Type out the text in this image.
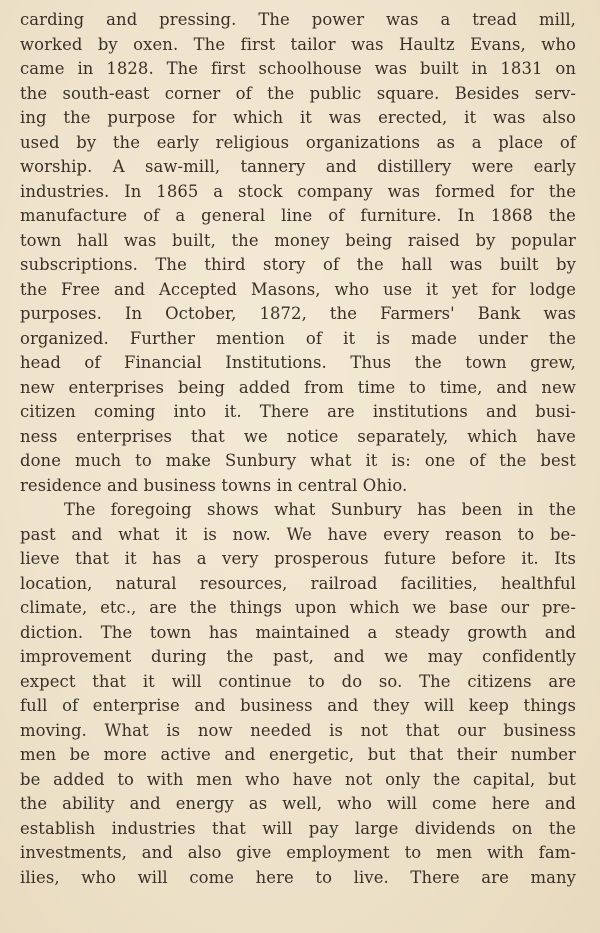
carding and pressing. The power was a tread mill,
worked by oxen. The first tailor was Haultz Evans, who
came in 1828. The first schoolhouse was built in 1831 on
the south-east corner of the public square. Besides serv-
ing the purpose for which it was erected, it was also
used by the early religious organizations as a place of
worship. A saw-mill, tannery and distillery were early
industries. In 1865 a stock company was formed for the
manufacture of a general line of furniture. In 1868 the
town hall was built, the money being raised by popular
subscriptions. The third story of the hall was built by
the Free and Accepted Masons, who use it yet for lodge
purposes. In October, 1872, the Farmers' Bank was
organized. Further mention of it is made under the
head of Financial Institutions. Thus the town grew,
new enterprises being added from time to time, and new
citizen coming into it. There are institutions and busi-
ness enterprises that we notice separately, which have
done much to make Sunbury what it is: one of the best
residence and business towns in central Ohio.
The foregoing shows what Sunbury has been in the
past and what it is now. We have every reason to be-
lieve that it has a very prosperous future before it. Its
location, natural resources, railroad facilities, healthful
climate, etc., are the things upon which we base our pre-
diction. The town has maintained a steady growth and
improvement during the past, and we may confidently
expect that it will continue to do so. The citizens are
full of enterprise and business and they will keep things
moving. What is now needed is not that our business
men be more active and energetic, but that their number
be added to with men who have not only the capital, but
the ability and energy as well, who will come here and
establish industries that will pay large dividends on the
investments, and also give employment to men with fam-
ilies, who will come here to live. There are many
